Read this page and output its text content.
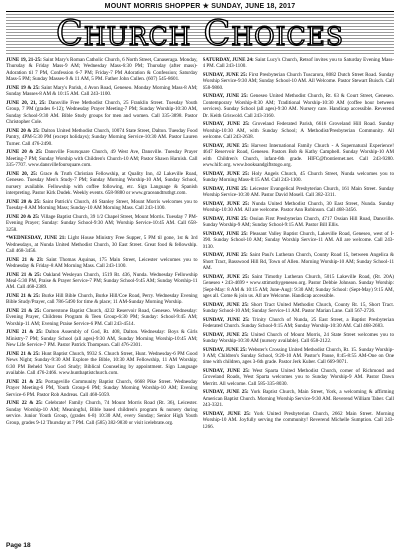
MOUNT MORRIS SHOPPER ★ SUNDAY, JUNE 18, 2017
Church Choices

JUNE 19, 21-25: Saint Mary's Roman Catholic Church, 6 North Street, Canaseraga. Monday, Thursday & Friday Mass-9 AM; Wednesday Mass-6:30 PM; Thursday (after mass)-Adoration til 7 PM, Confession 6-7 PM; Friday-7 PM Adoration & Confession; Saturday Mass-5 PM; Sunday Masses-9 & 11 AM, 5 PM. Father John Cullen. (607) 545-8601.

JUNE 19 & 25: Saint Mary's Parish, 4 Avon Road, Geneseo. Monday Morning Mass-8 AM; Sunday Masses-8 AM & 10:15 AM. Call 243-1100.

JUNE 20, 21, 25: Dansville Free Methodist Church, 25 Franklin Street. Tuesday Youth Group, 7 PM (grades 6-12); Wednesday Prayer Meeting-7 PM; Sunday Worship-10:30 AM, Sunday School-9:30 AM. Bible Study groups for men and women. Call 335-3898. Pastor Christopher Cole.

JUNE 20 & 25: Dalton United Methodist Church, 10074 State Street, Dalton. Tuesday Food Pantry, 4PM-5:30 PM (except holidays); Sunday Morning Service-10:30 AM. Pastor Lauren Turner. Call 476-2490.

JUNE 20 & 25: Dansville Foursquare Church, 49 West Ave, Dansville. Tuesday Prayer Meeting-7 PM; Sunday Worship with Children's Church-10 AM; Pastor Shawn Harnish. Call 335-7707. www.dansvillefoursquare.com.

JUNE 20, 25: Grace & Truth Christian Fellowship, at Quality Inn, 42 Lakeville Road, Geneseo. Tuesday Men's Study-7 PM; Sunday Morning Worship-10 AM, Sunday School, nursery available. Fellowship with coffee following, etc. Sign Language & Spanish interpreting. Pastor Kirk Dudek. Weekly events. 658-9880 or www.graceandtruthgt.com.

JUNE 20 & 25: Saint Patrick's Church, 46 Stanley Street, Mount Morris welcomes you to Tuesday-8 AM Morning Mass; Sunday-10 AM Morning Mass. Call 243-1100.

JUNE 20 & 25: Village Baptist Church, 39 1/2 Chapel Street, Mount Morris. Tuesday 7 PM-Evening Prayer; Sunday: Sunday School-9:30 AM; Worship Service-10:45 AM. Call 658-3258.

*WEDNESDAY, JUNE 21: Light House Ministry Free Supper, 5 PM til gone, 1st & 3rd Wednesdays, at Nunda United Methodist Church, 30 East Street. Great food & fellowship. Call 468-3456.

JUNE 21 & 23: Saint Thomas Aquinas, 175 Main Street, Leicester welcomes you to Wednesday & Friday-8 AM Morning Mass. Call 243-1100.

JUNE 21 & 25: Oakland Wesleyan Church, 1519 Rt. 436, Nunda. Wednesday Fellowship Meal-5:30 PM, Praise & Prayer Service-7 PM; Sunday School-9:45 AM; Sunday Worship-11 AM. Call 468-2389.

JUNE 21 & 25: Burke Hill Bible Church, Burke Hill/Coe Road, Perry. Wednesday Evening Bible Study/Prayer, call 786-5490 for time & place; 11 AM-Sunday Morning Worship.

JUNE 21 & 25: Cornerstone Baptist Church, 4232 Reservoir Road, Geneseo. Wednesday: Evening Prayer, Childrens Program & Teen Group-6:30 PM; Sunday: School-9:45 AM; Worship-11 AM; Evening Praise Service-6 PM. Call 243-4514.

JUNE 21 & 25: Dalton Assembly of God, Rt. 408, Dalton. Wednesday: Boys & Girls Ministry-7 PM; Sunday School (all ages)-9:30 AM, Sunday Morning Worship-10:45 AM; New Life Service-7 PM. Pastor Patrick Thompson. Call 476-2301.

JUNE 21 & 25: Hunt Baptist Church, 9932 S. Church Street, Hunt. Wednesday-6 PM Good News Night; Sunday-9:30 AM Explore the Bible, 10:30 AM Fellowship, 11 AM Worship; 6:30 PM Beheld Your God Study; Biblical Counseling by appointment. Sign Language available. Call 476-2466. www.huntbaptistchurch.com.

JUNE 21 & 25: Portageville Community Baptist Church, 6668 Pike Street. Wednesday Prayer Meeting-6 PM, Youth Group-6 PM; Sunday Morning Worship-10 AM; Evening Service-6 PM. Pastor Rob Andreas. Call 468-5059.

JUNE 22 & 25: Celebrate! Family Church, 74 Mount Morris Road (Rt. 36), Leicester. Sunday Worship-10 AM; Meaningful, Bible based children's program & nursery during service. Junior Youth Group, (grades 6-8) 10:30 AM, every Sunday; Senior High Youth Group, grades 9-12 Thursday at 7 PM. Call (585) 382-9830 or visit icelebrate.org.

SATURDAY, JUNE 24: Saint Lucy's Church, Retsof invites you to Saturday Evening Mass-4 PM. Call 243-1100.

SUNDAY, JUNE 25: First Presbyterian Church Tuscarora, 8082 Dutch Street Road. Sunday Worship Service-9:30 AM; Sunday School-10 AM. All Welcome. Pastor Stewart Buisch. Call 658-9860.

SUNDAY, JUNE 25: Geneseo United Methodist Church, Rt. 63 & Court Street, Geneseo. Contemporary Worship-8:30 AM; Traditional Worship-10:30 AM (coffee hour between services). Sunday School (all ages)-9:30 AM. Nursery care. Handicap accessible. Reverend Dr. Keith Griswold. Call 243-3160.

SUNDAY, JUNE 25: Groveland Federated Parish, 6616 Groveland Hill Road. Sunday Worship-10:30 AM, with Sunday School; A Methodist/Presbyterian Community. All welcome. Call 243-2638.

SUNDAY, JUNE 25: Harvest International Family Church - A Supernatural Experience! 4647 Reservoir Road, Geneseo. Pastors Bob & Kathy Campbell. Sunday Worship-10 AM with Children's Church, infant-6th grade. HIFC@frontiernet.net. Call 243-9280. www.hifc.org. www.booksandgiftstogo.org.

SUNDAY, JUNE 25: Holy Angels Church, 45 Church Street, Nunda welcomes you to Sunday Morning Mass-8:15 AM. Call 243-1100.

SUNDAY, JUNE 25: Leicester Evangelical Presbyterian Church, 161 Main Street. Sunday Worship Service-10:30 AM. Pastor David Mosell. Call 382-3311.

SUNDAY, JUNE 25: Nunda United Methodist Church, 30 East Street, Nunda. Sunday Worship-10:30 AM. All are welcome. Pastor Ann Robinson. Call 468-3456.

SUNDAY, JUNE 25: Ossian First Presbyterian Church, 4717 Ossian Hill Road, Dansville. Sunday Worship-9 AM; Sunday School-9:15 AM. Pastor Bill Ellis.

SUNDAY, JUNE 25: Pleasant Valley Baptist Church, Lakeville Road, Geneseo, west of I-390. Sunday School-10 AM; Sunday Worship Service-11 AM. All are welcome. Call 243-0130.

SUNDAY, JUNE 25: Saint Paul's Lutheran Church, County Road 15, between Angelica & Short Tract, Basswood Hill Rd, Town of Allen. Morning Worship-10 AM; Sunday School-11 AM.

SUNDAY, JUNE 25: Saint Timothy Lutheran Church, 5015 Lakeville Road, (Rt. 20A) Geneseo • 243-4699 • www.sttimothygeneseo.org. Pastor Debbie Johnson. Sunday Worship: (Sept-May: 8 AM & 10:15 AM; June-Aug): 9:30 AM; Sunday School: (Sept-May) 9:15 AM, ages all. Come & join us. All are Welcome. Handicap accessible.

SUNDAY, JUNE 25: Short Tract United Methodist Church, County Rt. 15, Short Tract. Sunday School-10 AM; Sunday Service-11 AM. Pastor Marian Lane. Call 567-2726.

SUNDAY, JUNE 25: Trinity Church of Nunda, 25 East Street, a Baptist Presbyterian Federated Church. Sunday School-9:15 AM; Sunday Worship-10:30 AM. Call 468-2683.

SUNDAY, JUNE 25: United Church of Mount Morris, 24 State Street welcomes you to Sunday Worship-10:30 AM (nursery available). Call 658-2122.

SUNDAY, JUNE 25: Webster's Crossing United Methodist Church, Rt. 15. Sunday Worship-9 AM; Children's Sunday School, 9:20-10 AM. Pastor's Pause, 8:45-8:55 AM-One on One time with children, ages 3-6th grade. Pastor Jerk Kuber. Call 669-9071.

SUNDAY, JUNE 25: West Sparta United Methodist Church, corner of Richmond and Groveland Roads, West Sparta welcomes you to Sunday Worship-9 AM. Pastor Dawn Merritt. All welcome. Call 585-335-8030.

SUNDAY, JUNE 25: York Baptist Church, Main Street, York, a welcoming & affirming American Baptist Church. Morning Worship Service-9:30 AM. Reverend William Taber. Call 243-3321.

SUNDAY, JUNE 25: York United Presbyterian Church, 2662 Main Street. Morning Worship-10 AM. Joyfully serving the community! Reverend Michelle Sumption. Call 243-1266.

Page 18
